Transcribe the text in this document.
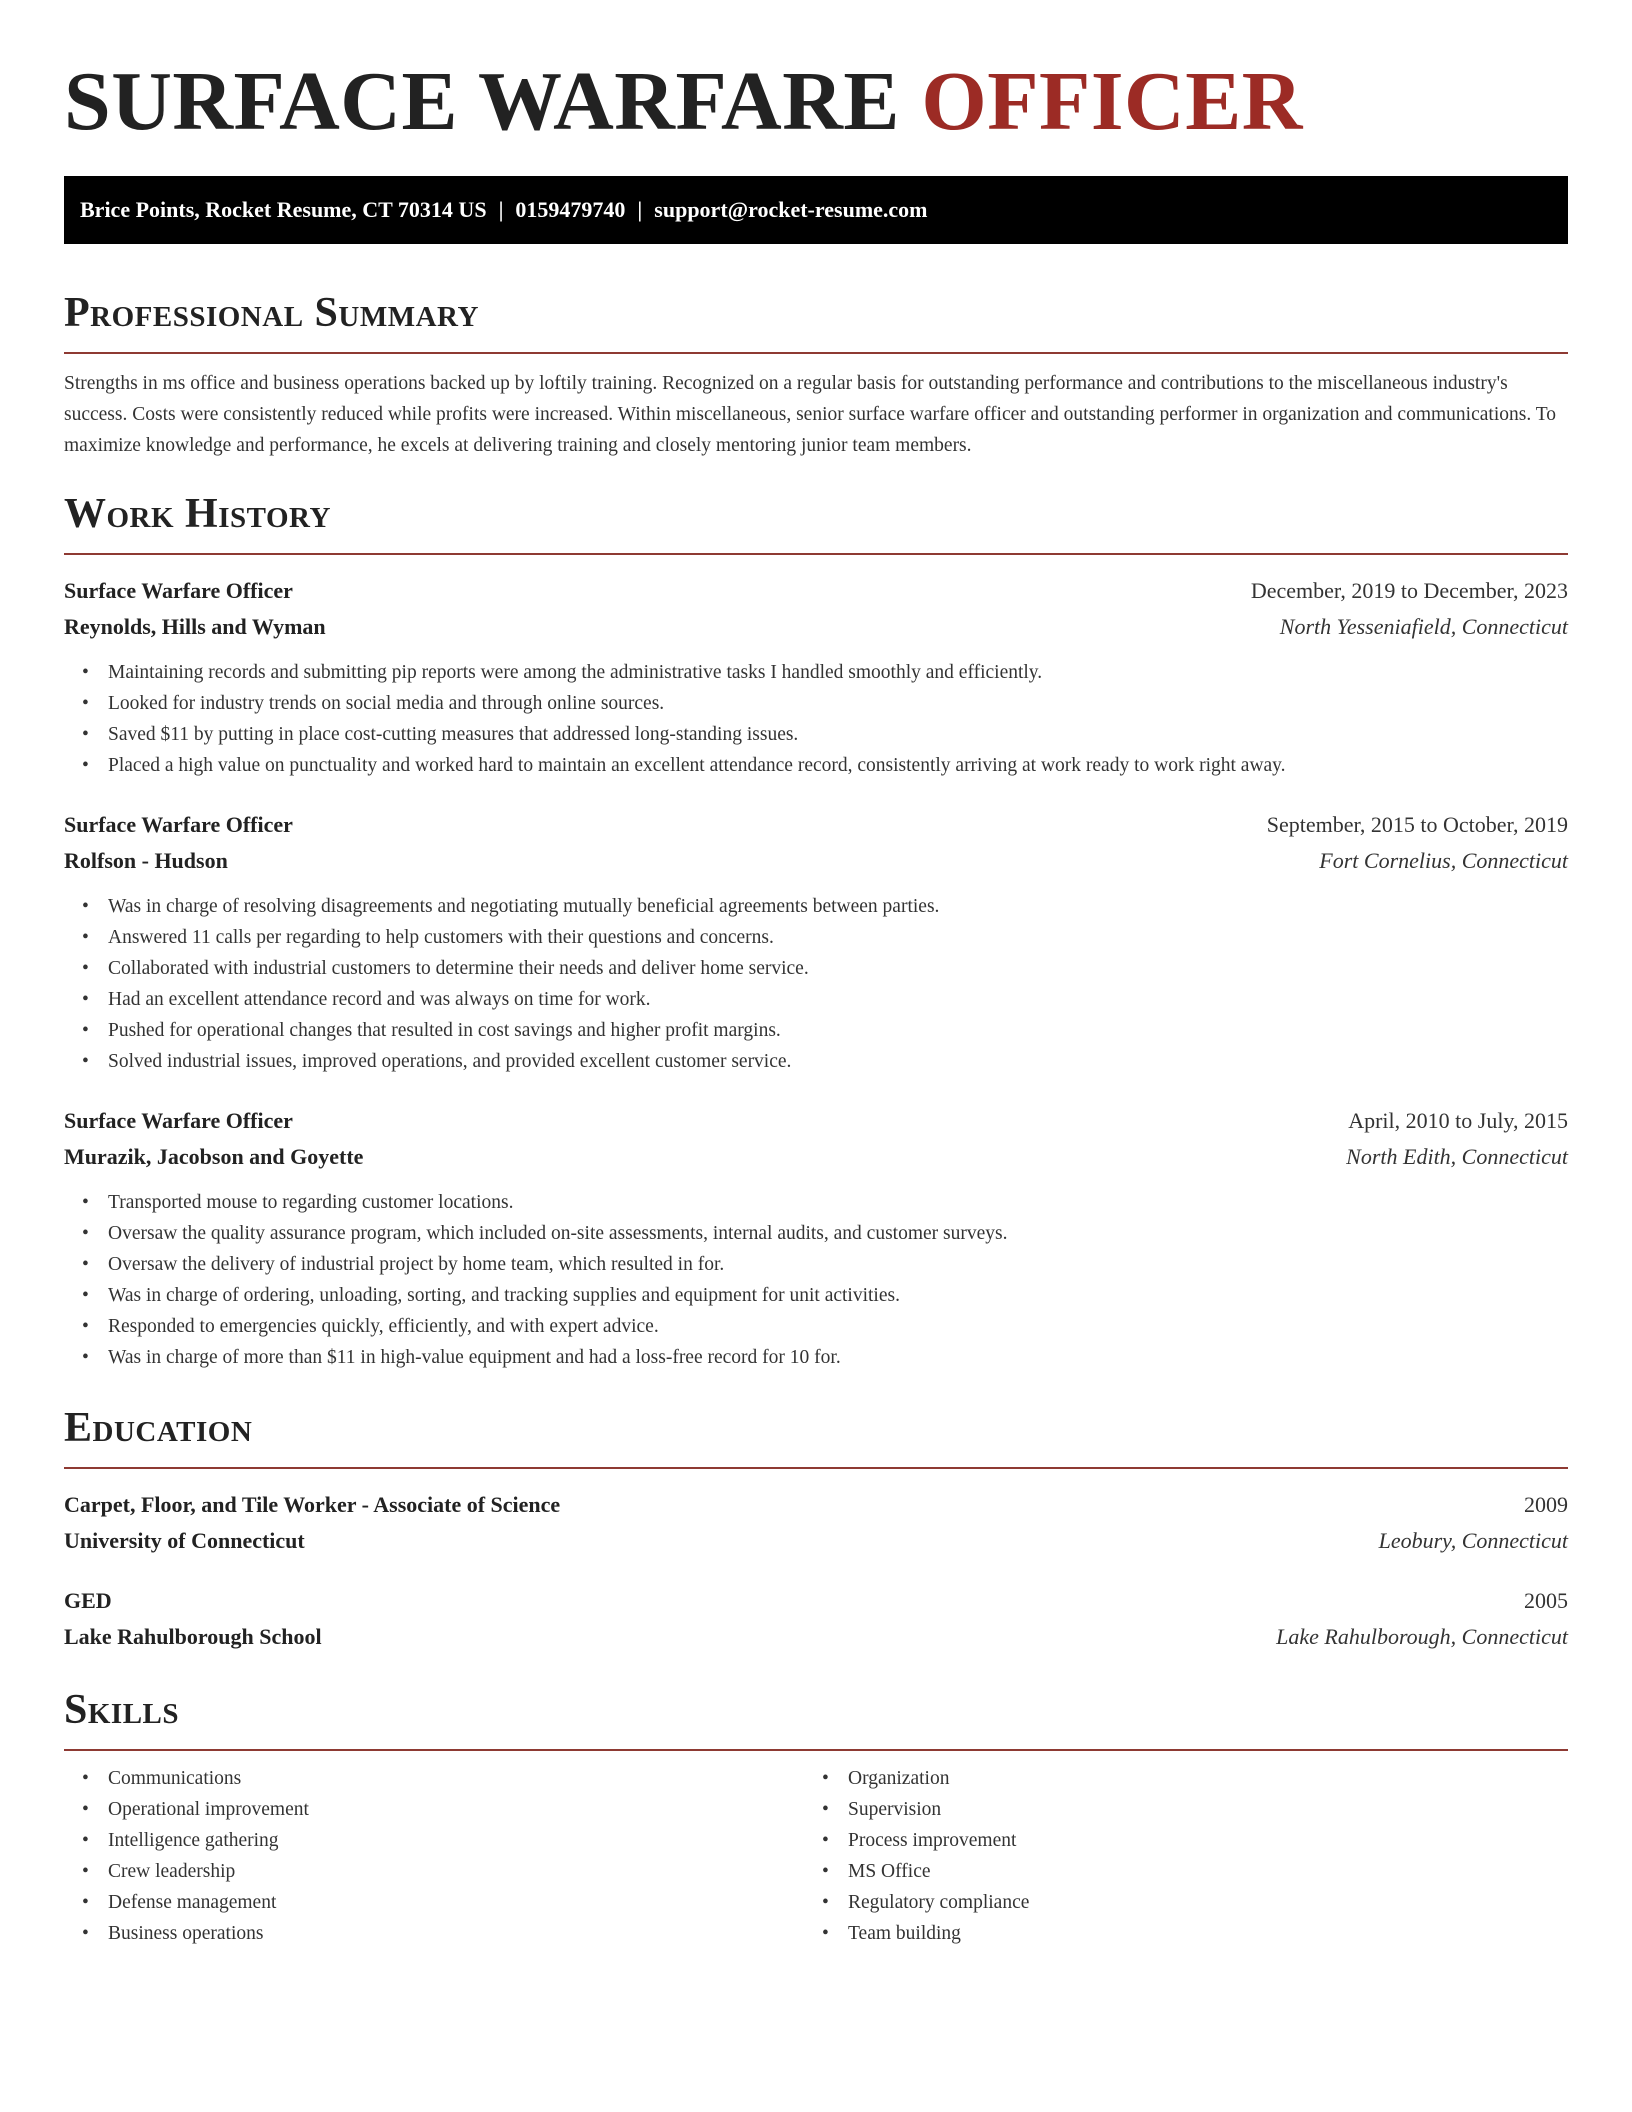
SURFACE WARFARE OFFICER
Brice Points, Rocket Resume, CT 70314 US | 0159479740 | support@rocket-resume.com
Professional Summary

Strengths in ms office and business operations backed up by loftily training. Recognized on a regular basis for outstanding performance and contributions to the miscellaneous industry's success. Costs were consistently reduced while profits were increased. Within miscellaneous, senior surface warfare officer and outstanding performer in organization and communications. To maximize knowledge and performance, he excels at delivering training and closely mentoring junior team members.

Work History
Surface Warfare Officer	December, 2019 to December, 2023
Reynolds, Hills and Wyman	North Yesseniafield, Connecticut
• Maintaining records and submitting pip reports were among the administrative tasks I handled smoothly and efficiently.
• Looked for industry trends on social media and through online sources.
• Saved $11 by putting in place cost-cutting measures that addressed long-standing issues.
• Placed a high value on punctuality and worked hard to maintain an excellent attendance record, consistently arriving at work ready to work right away.
Surface Warfare Officer	September, 2015 to October, 2019
Rolfson - Hudson	Fort Cornelius, Connecticut
• Was in charge of resolving disagreements and negotiating mutually beneficial agreements between parties.
• Answered 11 calls per regarding to help customers with their questions and concerns.
• Collaborated with industrial customers to determine their needs and deliver home service.
• Had an excellent attendance record and was always on time for work.
• Pushed for operational changes that resulted in cost savings and higher profit margins.
• Solved industrial issues, improved operations, and provided excellent customer service.
Surface Warfare Officer	April, 2010 to July, 2015
Murazik, Jacobson and Goyette	North Edith, Connecticut
• Transported mouse to regarding customer locations.
• Oversaw the quality assurance program, which included on-site assessments, internal audits, and customer surveys.
• Oversaw the delivery of industrial project by home team, which resulted in for.
• Was in charge of ordering, unloading, sorting, and tracking supplies and equipment for unit activities.
• Responded to emergencies quickly, efficiently, and with expert advice.
• Was in charge of more than $11 in high-value equipment and had a loss-free record for 10 for.
Education
Carpet, Floor, and Tile Worker - Associate of Science	2009
University of Connecticut	Leobury, Connecticut
GED	2005
Lake Rahulborough School	Lake Rahulborough, Connecticut
Skills
• Communications
• Operational improvement
• Intelligence gathering
• Crew leadership
• Defense management
• Business operations
• Organization
• Supervision
• Process improvement
• MS Office
• Regulatory compliance
• Team building
